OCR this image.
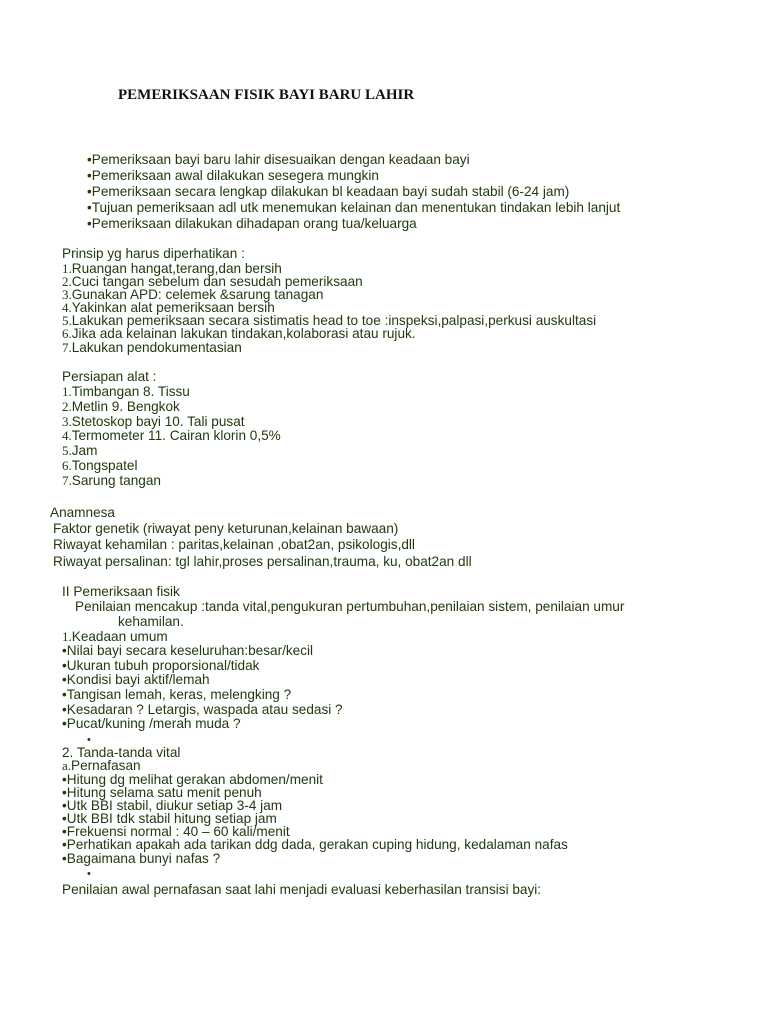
PEMERIKSAAN FISIK BAYI BARU LAHIR
•Pemeriksaan bayi baru lahir disesuaikan dengan keadaan bayi
•Pemeriksaan awal dilakukan sesegera mungkin
•Pemeriksaan secara lengkap dilakukan bl keadaan bayi sudah stabil (6-24 jam)
•Tujuan pemeriksaan adl utk menemukan kelainan dan menentukan tindakan lebih lanjut
•Pemeriksaan dilakukan dihadapan orang tua/keluarga
Prinsip yg harus diperhatikan :
1.Ruangan hangat,terang,dan bersih
2.Cuci tangan sebelum dan sesudah pemeriksaan
3.Gunakan APD: celemek &sarung tanagan
4.Yakinkan alat pemeriksaan bersih
5.Lakukan pemeriksaan secara sistimatis head to toe :inspeksi,palpasi,perkusi auskultasi
6.Jika ada kelainan lakukan tindakan,kolaborasi atau rujuk.
7.Lakukan pendokumentasian
Persiapan alat :
1.Timbangan 8. Tissu
2.Metlin 9. Bengkok
3.Stetoskop bayi 10. Tali pusat
4.Termometer 11. Cairan klorin 0,5%
5.Jam
6.Tongspatel
7.Sarung tangan
Anamnesa
Faktor genetik (riwayat peny keturunan,kelainan bawaan)
Riwayat kehamilan : paritas,kelainan ,obat2an, psikologis,dll
Riwayat persalinan: tgl lahir,proses persalinan,trauma, ku, obat2an dll
II Pemeriksaan fisik
Penilaian mencakup :tanda vital,pengukuran pertumbuhan,penilaian sistem, penilaian umur
kehamilan.
1.Keadaan umum
•Nilai bayi secara keseluruhan:besar/kecil
•Ukuran tubuh proporsional/tidak
•Kondisi bayi aktif/lemah
•Tangisan lemah, keras, melengking ?
•Kesadaran ? Letargis, waspada atau sedasi ?
•Pucat/kuning /merah muda ?
•
2. Tanda-tanda vital
a.Pernafasan
•Hitung dg melihat gerakan abdomen/menit
•Hitung selama satu menit penuh
•Utk BBI stabil, diukur setiap 3-4 jam
•Utk BBI tdk stabil hitung setiap jam
•Frekuensi normal : 40 – 60 kali/menit
•Perhatikan apakah ada tarikan ddg dada, gerakan cuping hidung, kedalaman nafas
•Bagaimana bunyi nafas ?
•
Penilaian awal pernafasan saat lahi menjadi evaluasi keberhasilan transisi bayi:
